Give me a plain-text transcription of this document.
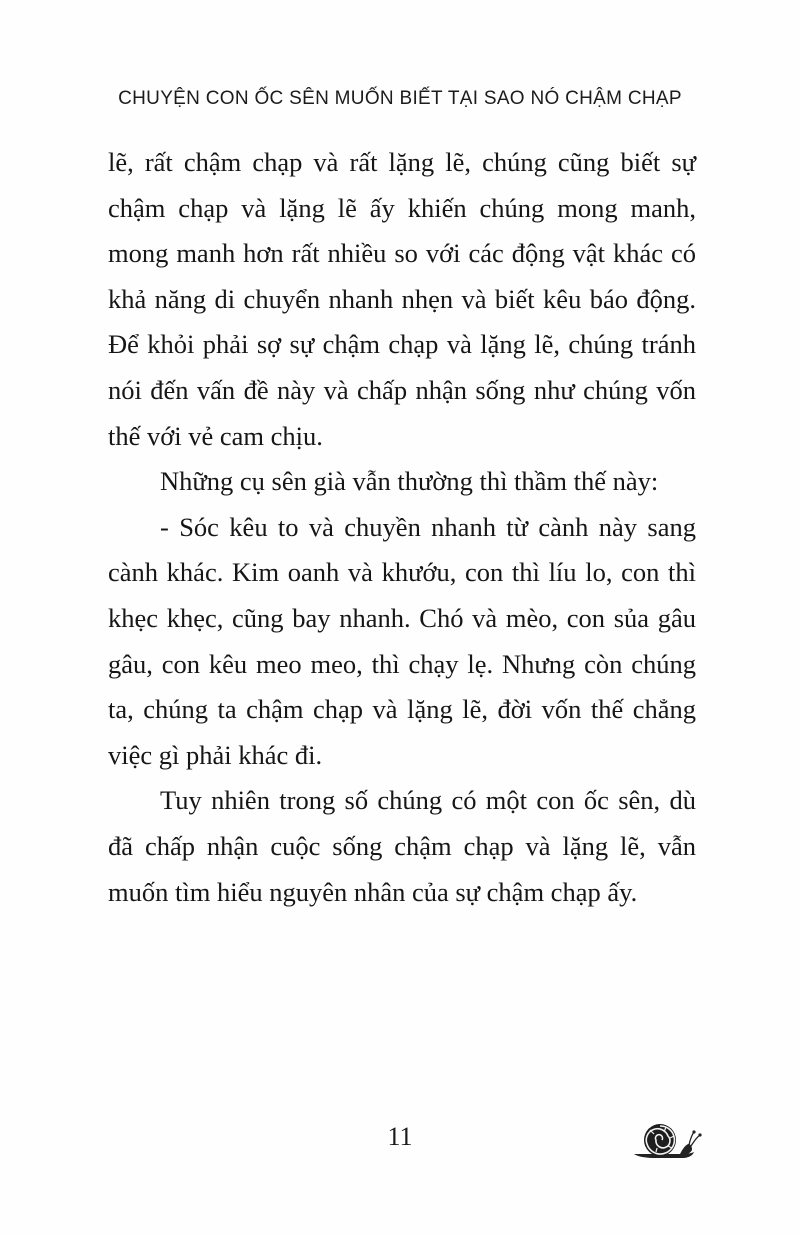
CHUYỆN CON ỐC SÊN MUỐN BIẾT TẠI SAO NÓ CHẬM CHẠP

lẽ, rất chậm chạp và rất lặng lẽ, chúng cũng biết sự chậm chạp và lặng lẽ ấy khiến chúng mong manh, mong manh hơn rất nhiều so với các động vật khác có khả năng di chuyển nhanh nhẹn và biết kêu báo động. Để khỏi phải sợ sự chậm chạp và lặng lẽ, chúng tránh nói đến vấn đề này và chấp nhận sống như chúng vốn thế với vẻ cam chịu.

Những cụ sên già vẫn thường thì thầm thế này:

- Sóc kêu to và chuyền nhanh từ cành này sang cành khác. Kim oanh và khướu, con thì líu lo, con thì khẹc khẹc, cũng bay nhanh. Chó và mèo, con sủa gâu gâu, con kêu meo meo, thì chạy lẹ. Nhưng còn chúng ta, chúng ta chậm chạp và lặng lẽ, đời vốn thế chẳng việc gì phải khác đi.

Tuy nhiên trong số chúng có một con ốc sên, dù đã chấp nhận cuộc sống chậm chạp và lặng lẽ, vẫn muốn tìm hiểu nguyên nhân của sự chậm chạp ấy.

11
